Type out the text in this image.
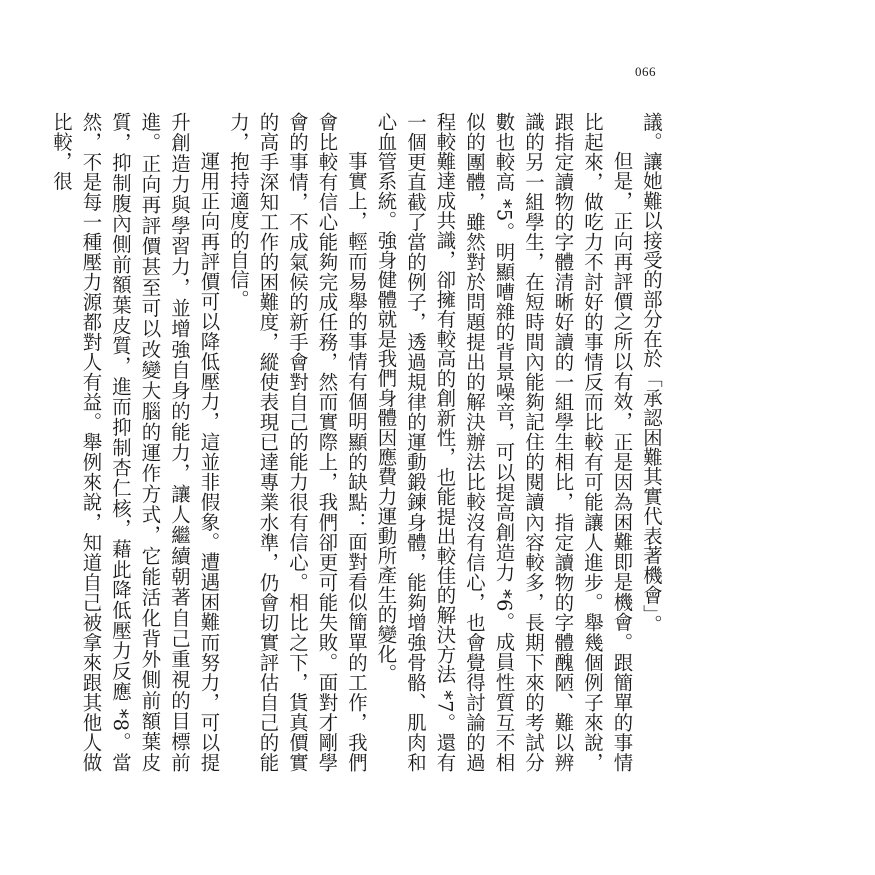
066

議。讓她難以接受的部分在於「承認困難其實代表著機會」。

但是，正向再評價之所以有效，正是因為困難即是機會。跟簡單的事情比起來，做吃力不討好的事情反而比較有可能讓人進步。舉幾個例子來說，跟指定讀物的字體清晰好讀的一組學生相比，指定讀物的字體醜陋、難以辨識的另一組學生，在短時間內能夠記住的閱讀內容較多，長期下來的考試分數也較高 *5。明顯嘈雜的背景噪音，可以提高創造力 *6。成員性質互不相似的團體，雖然對於問題提出的解決辦法比較沒有信心，也會覺得討論的過程較難達成共識，卻擁有較高的創新性，也能提出較佳的解決方法 *7。還有一個更直截了當的例子，透過規律的運動鍛鍊身體，能夠增強骨骼、肌肉和心血管系統。強身健體就是我們身體因應費力運動所產生的變化。

事實上，輕而易舉的事情有個明顯的缺點：面對看似簡單的工作，我們會比較有信心能夠完成任務，然而實際上，我們卻更可能失敗。面對才剛學會的事情，不成氣候的新手會對自己的能力很有信心。相比之下，貨真價實的高手深知工作的困難度，縱使表現已達專業水準，仍會切實評估自己的能力，抱持適度的自信。

運用正向再評價可以降低壓力，這並非假象。遭遇困難而努力，可以提升創造力與學習力，並增強自身的能力，讓人繼續朝著自己重視的目標前進。正向再評價甚至可以改變大腦的運作方式，它能活化背外側前額葉皮質，抑制腹內側前額葉皮質，進而抑制杏仁核，藉此降低壓力反應 *8。當然，不是每一種壓力源都對人有益。舉例來說，知道自己被拿來跟其他人做比較，很
